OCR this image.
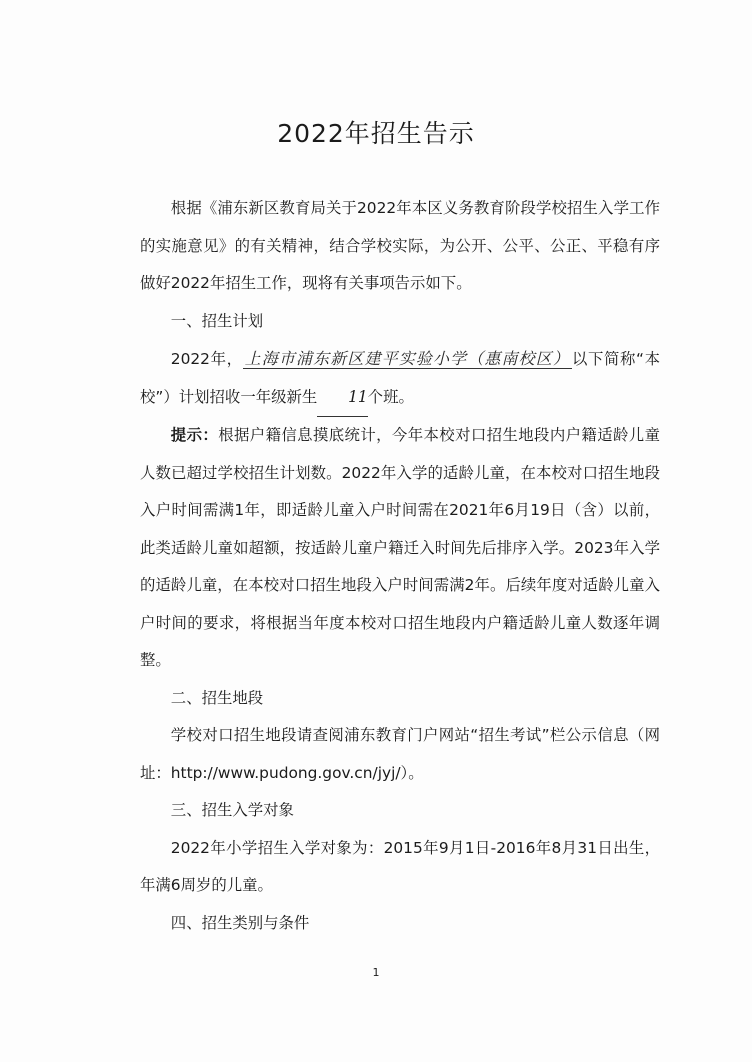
2022年招生告示

根据《浦东新区教育局关于2022年本区义务教育阶段学校招生入学工作的实施意见》的有关精神，结合学校实际，为公开、公平、公正、平稳有序做好2022年招生工作，现将有关事项告示如下。

一、招生计划

2022年， 上海市浦东新区建平实验小学（惠南校区） 以下简称“本校”）计划招收一年级新生 11个班。

提示：根据户籍信息摸底统计，今年本校对口招生地段内户籍适龄儿童人数已超过学校招生计划数。2022年入学的适龄儿童，在本校对口招生地段入户时间需满1年，即适龄儿童入户时间需在2021年6月19日（含）以前，此类适龄儿童如超额，按适龄儿童户籍迁入时间先后排序入学。2023年入学的适龄儿童，在本校对口招生地段入户时间需满2年。后续年度对适龄儿童入户时间的要求，将根据当年度本校对口招生地段内户籍适龄儿童人数逐年调整。

二、招生地段

学校对口招生地段请查阅浦东教育门户网站“招生考试”栏公示信息（网址：http://www.pudong.gov.cn/jyj/）。

三、招生入学对象

2022年小学招生入学对象为：2015年9月1日-2016年8月31日出生，年满6周岁的儿童。

四、招生类别与条件
1
